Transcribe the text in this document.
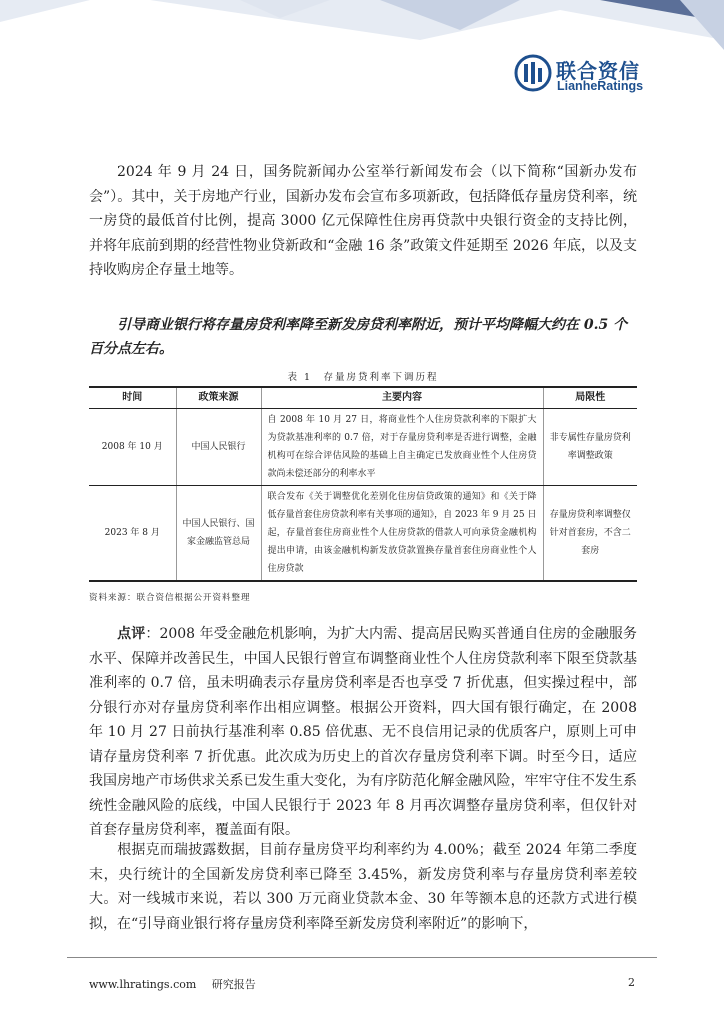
联合资信
LianheRatings

2024 年 9 月 24 日，国务院新闻办公室举行新闻发布会（以下简称“国新办发布会”）。其中，关于房地产行业，国新办发布会宣布多项新政，包括降低存量房贷利率，统一房贷的最低首付比例，提高 3000 亿元保障性住房再贷款中央银行资金的支持比例，并将年底前到期的经营性物业贷新政和“金融 16 条”政策文件延期至 2026 年底，以及支持收购房企存量土地等。

引导商业银行将存量房贷利率降至新发房贷利率附近，预计平均降幅大约在 0.5 个百分点左右。

表 1　存量房贷利率下调历程
时间	政策来源	主要内容	局限性
2008 年 10 月	中国人民银行	自 2008 年 10 月 27 日，将商业性个人住房贷款利率的下限扩大为贷款基准利率的 0.7 倍，对于存量房贷利率是否进行调整，金融机构可在综合评估风险的基础上自主确定已发放商业性个人住房贷款尚未偿还部分的利率水平	非专属性存量房贷利率调整政策
2023 年 8 月	中国人民银行、国家金融监管总局	联合发布《关于调整优化差别化住房信贷政策的通知》和《关于降低存量首套住房贷款利率有关事项的通知》，自 2023 年 9 月 25 日起，存量首套住房商业性个人住房贷款的借款人可向承贷金融机构提出申请，由该金融机构新发放贷款置换存量首套住房商业性个人住房贷款	存量房贷利率调整仅针对首套房，不含二套房
资料来源：联合资信根据公开资料整理

点评：2008 年受金融危机影响，为扩大内需、提高居民购买普通自住房的金融服务水平、保障并改善民生，中国人民银行曾宣布调整商业性个人住房贷款利率下限至贷款基准利率的 0.7 倍，虽未明确表示存量房贷利率是否也享受 7 折优惠，但实操过程中，部分银行亦对存量房贷利率作出相应调整。根据公开资料，四大国有银行确定，在 2008 年 10 月 27 日前执行基准利率 0.85 倍优惠、无不良信用记录的优质客户，原则上可申请存量房贷利率 7 折优惠。此次成为历史上的首次存量房贷利率下调。时至今日，适应我国房地产市场供求关系已发生重大变化，为有序防范化解金融风险，牢牢守住不发生系统性金融风险的底线，中国人民银行于 2023 年 8 月再次调整存量房贷利率，但仅针对首套存量房贷利率，覆盖面有限。

根据克而瑞披露数据，目前存量房贷平均利率约为 4.00%；截至 2024 年第二季度末，央行统计的全国新发房贷利率已降至 3.45%，新发房贷利率与存量房贷利率差较大。对一线城市来说，若以 300 万元商业贷款本金、30 年等额本息的还款方式进行模拟，在“引导商业银行将存量房贷利率降至新发房贷利率附近”的影响下，

www.lhratings.com 研究报告	2
